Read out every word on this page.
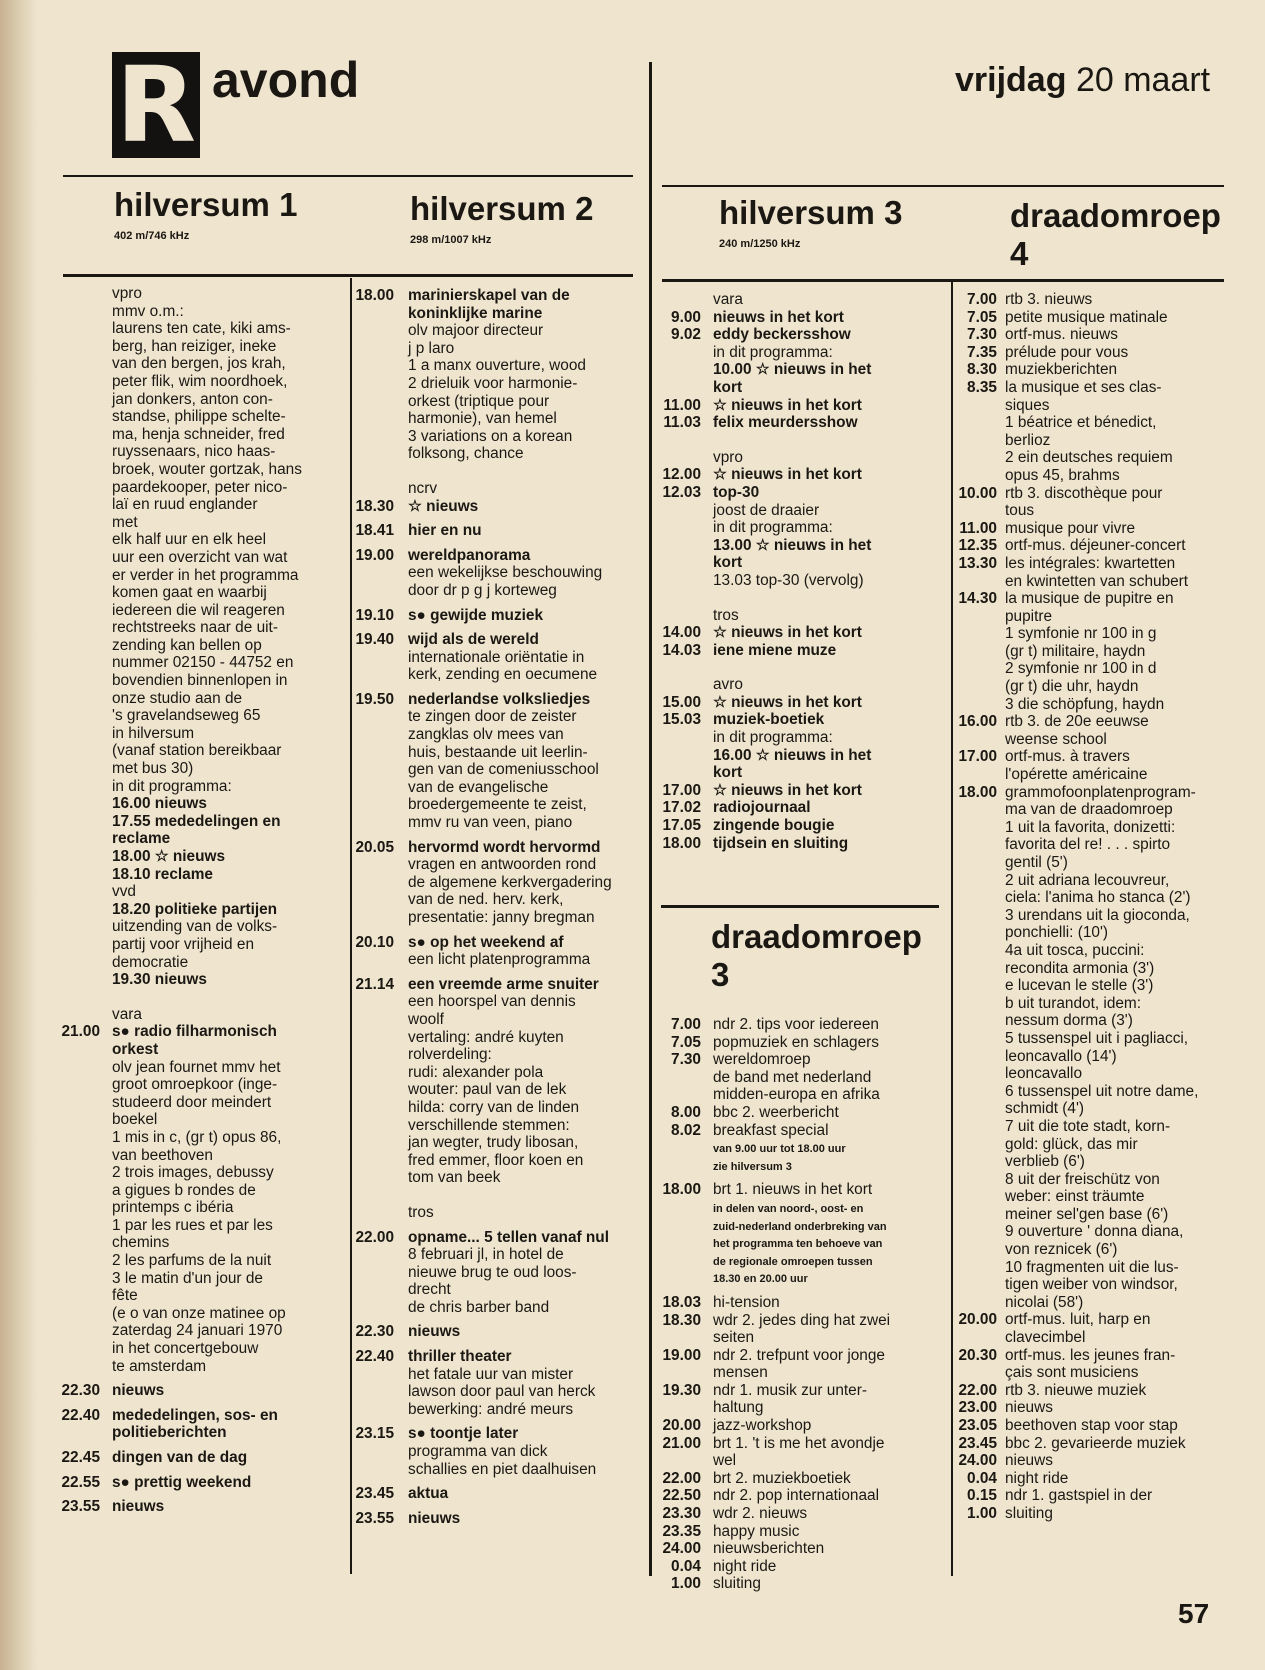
R avond	vrijdag 20 maart
hilversum 1
402 m/746 kHz
hilversum 2
298 m/1007 kHz
hilversum 3
240 m/1250 kHz
draadomroep
4
draadomroep
3
vpro
mmv o.m.:
laurens ten cate, kiki ams-
berg, han reiziger, ineke
van den bergen, jos krah,
peter flik, wim noordhoek,
jan donkers, anton con-
standse, philippe schelte-
ma, henja schneider, fred
ruyssenaars, nico haas-
broek, wouter gortzak, hans
paardekooper, peter nico-
laï en ruud englander
met
elk half uur en elk heel
uur een overzicht van wat
er verder in het programma
komen gaat en waarbij
iedereen die wil reageren
rechtstreeks naar de uit-
zending kan bellen op
nummer 02150 - 44752 en
bovendien binnenlopen in
onze studio aan de
's gravelandseweg 65
in hilversum
(vanaf station bereikbaar
met bus 30)
in dit programma:
16.00 nieuws
17.55 mededelingen en
reclame
18.00 ☆ nieuws
18.10 reclame
vvd
18.20 politieke partijen
uitzending van de volks-
partij voor vrijheid en
democratie
19.30 nieuws
vara
21.00 s● radio filharmonisch
orkest
olv jean fournet mmv het
groot omroepkoor (inge-
studeerd door meindert
boekel
1 mis in c, (gr t) opus 86,
van beethoven
2 trois images, debussy
a gigues b rondes de
printemps c ibéria
1 par les rues et par les
chemins
2 les parfums de la nuit
3 le matin d'un jour de
fête
(e o van onze matinee op
zaterdag 24 januari 1970
in het concertgebouw
te amsterdam
22.30 nieuws
22.40 mededelingen, sos- en
politieberichten
22.45 dingen van de dag
22.55 s● prettig weekend
23.55 nieuws
18.00 marinierskapel van de
koninklijke marine
olv majoor directeur
j p laro
1 a manx ouverture, wood
2 drieluik voor harmonie-
orkest (triptique pour
harmonie), van hemel
3 variations on a korean
folksong, chance
ncrv
18.30 ☆ nieuws
18.41 hier en nu
19.00 wereldpanorama
een wekelijkse beschouwing
door dr p g j korteweg
19.10 s● gewijde muziek
19.40 wijd als de wereld
internationale oriëntatie in
kerk, zending en oecumene
19.50 nederlandse volksliedjes
te zingen door de zeister
zangklas olv mees van
huis, bestaande uit leerlin-
gen van de comeniusschool
van de evangelische
broedergemeente te zeist,
mmv ru van veen, piano
20.05 hervormd wordt hervormd
vragen en antwoorden rond
de algemene kerkvergadering
van de ned. herv. kerk,
presentatie: janny bregman
20.10 s● op het weekend af
een licht platenprogramma
21.14 een vreemde arme snuiter
een hoorspel van dennis
woolf
vertaling: andré kuyten
rolverdeling:
rudi: alexander pola
wouter: paul van de lek
hilda: corry van de linden
verschillende stemmen:
jan wegter, trudy libosan,
fred emmer, floor koen en
tom van beek
tros
22.00 opname... 5 tellen vanaf nul
8 februari jl, in hotel de
nieuwe brug te oud loos-
drecht
de chris barber band
22.30 nieuws
22.40 thriller theater
het fatale uur van mister
lawson door paul van herck
bewerking: andré meurs
23.15 s● toontje later
programma van dick
schallies en piet daalhuisen
23.45 aktua
23.55 nieuws
vara
9.00 nieuws in het kort
9.02 eddy beckersshow
in dit programma:
10.00 ☆ nieuws in het
kort
11.00 ☆ nieuws in het kort
11.03 felix meurdersshow
vpro
12.00 ☆ nieuws in het kort
12.03 top-30
joost de draaier
in dit programma:
13.00 ☆ nieuws in het
kort
13.03 top-30 (vervolg)
tros
14.00 ☆ nieuws in het kort
14.03 iene miene muze
avro
15.00 ☆ nieuws in het kort
15.03 muziek-boetiek
in dit programma:
16.00 ☆ nieuws in het
kort
17.00 ☆ nieuws in het kort
17.02 radiojournaal
17.05 zingende bougie
18.00 tijdsein en sluiting
7.00 ndr 2. tips voor iedereen
7.05 popmuziek en schlagers
7.30 wereldomroep
de band met nederland
midden-europa en afrika
8.00 bbc 2. weerbericht
8.02 breakfast special
van 9.00 uur tot 18.00 uur
zie hilversum 3
18.00 brt 1. nieuws in het kort
in delen van noord-, oost- en
zuid-nederland onderbreking van
het programma ten behoeve van
de regionale omroepen tussen
18.30 en 20.00 uur
18.03 hi-tension
18.30 wdr 2. jedes ding hat zwei
seiten
19.00 ndr 2. trefpunt voor jonge
mensen
19.30 ndr 1. musik zur unter-
haltung
20.00 jazz-workshop
21.00 brt 1. 't is me het avondje
wel
22.00 brt 2. muziekboetiek
22.50 ndr 2. pop internationaal
23.30 wdr 2. nieuws
23.35 happy music
24.00 nieuwsberichten
0.04 night ride
1.00 sluiting
7.00 rtb 3. nieuws
7.05 petite musique matinale
7.30 ortf-mus. nieuws
7.35 prélude pour vous
8.30 muziekberichten
8.35 la musique et ses clas-
siques
1 béatrice et bénedict,
berlioz
2 ein deutsches requiem
opus 45, brahms
10.00 rtb 3. discothèque pour
tous
11.00 musique pour vivre
12.35 ortf-mus. déjeuner-concert
13.30 les intégrales: kwartetten
en kwintetten van schubert
14.30 la musique de pupitre en
pupitre
1 symfonie nr 100 in g
(gr t) militaire, haydn
2 symfonie nr 100 in d
(gr t) die uhr, haydn
3 die schöpfung, haydn
16.00 rtb 3. de 20e eeuwse
weense school
17.00 ortf-mus. à travers
l'opérette américaine
18.00 grammofoonplatenprogram-
ma van de draadomroep
1 uit la favorita, donizetti:
favorita del re! . . . spirto
gentil (5')
2 uit adriana lecouvreur,
ciela: l'anima ho stanca (2')
3 urendans uit la gioconda,
ponchielli: (10')
4a uit tosca, puccini:
recondita armonia (3')
e lucevan le stelle (3')
b uit turandot, idem:
nessum dorma (3')
5 tussenspel uit i pagliacci,
leoncavallo (14')
leoncavallo
6 tussenspel uit notre dame,
schmidt (4')
7 uit die tote stadt, korn-
gold: glück, das mir
verblieb (6')
8 uit der freischütz von
weber: einst träumte
meiner sel'gen base (6')
9 ouverture ' donna diana,
von reznicek (6')
10 fragmenten uit die lus-
tigen weiber von windsor,
nicolai (58')
20.00 ortf-mus. luit, harp en
clavecimbel
20.30 ortf-mus. les jeunes fran-
çais sont musiciens
22.00 rtb 3. nieuwe muziek
23.00 nieuws
23.05 beethoven stap voor stap
23.45 bbc 2. gevarieerde muziek
24.00 nieuws
0.04 night ride
0.15 ndr 1. gastspiel in der
1.00 sluiting
57
